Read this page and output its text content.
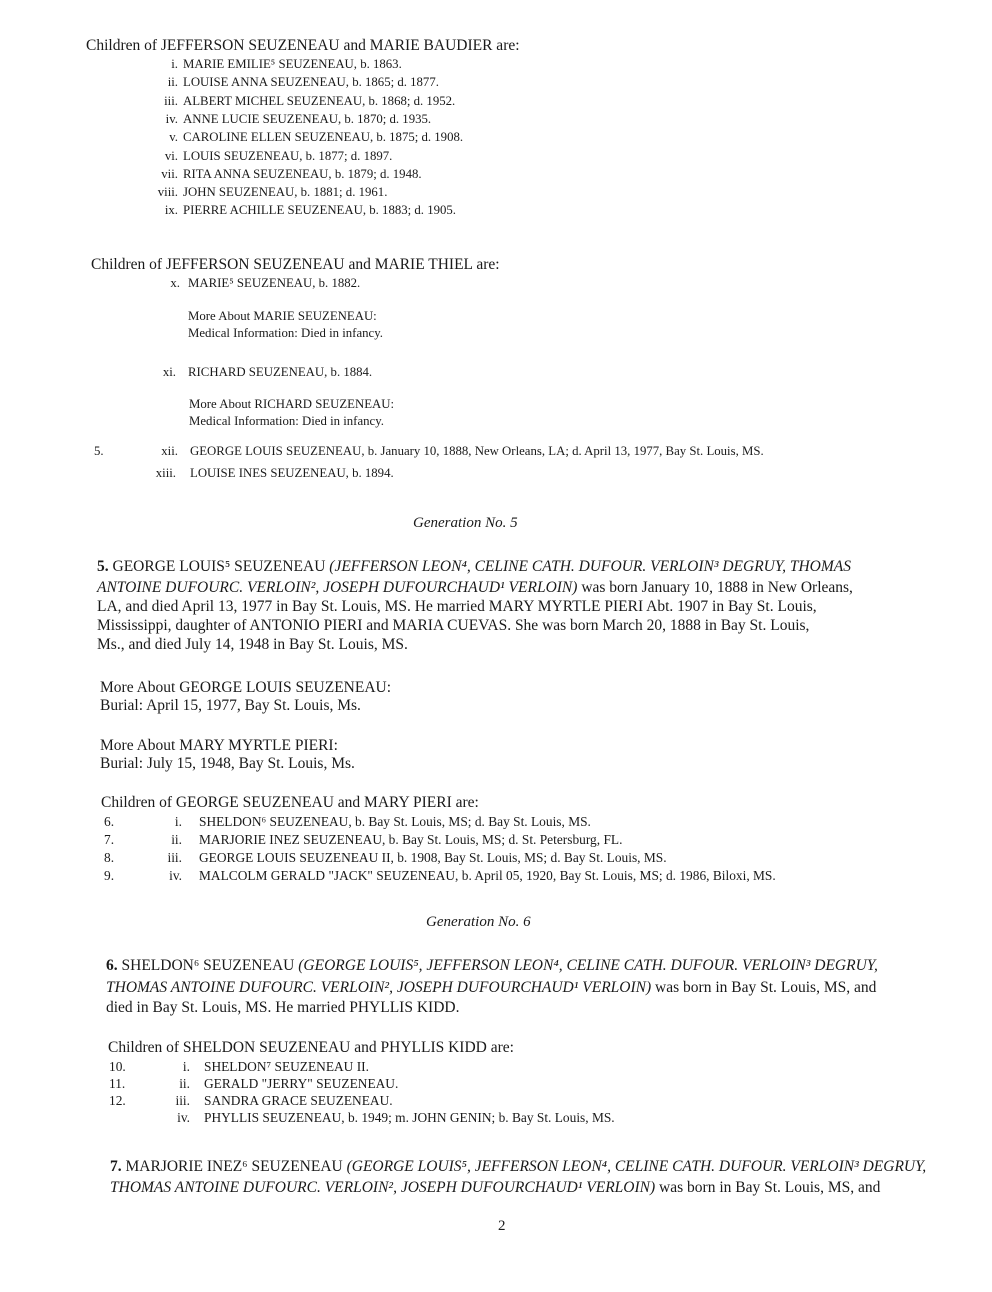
Children of JEFFERSON SEUZENEAU and MARIE BAUDIER are:
i. MARIE EMILIE⁵ SEUZENEAU, b. 1863.
ii. LOUISE ANNA SEUZENEAU, b. 1865; d. 1877.
iii. ALBERT MICHEL SEUZENEAU, b. 1868; d. 1952.
iv. ANNE LUCIE SEUZENEAU, b. 1870; d. 1935.
v. CAROLINE ELLEN SEUZENEAU, b. 1875; d. 1908.
vi. LOUIS SEUZENEAU, b. 1877; d. 1897.
vii. RITA ANNA SEUZENEAU, b. 1879; d. 1948.
viii. JOHN SEUZENEAU, b. 1881; d. 1961.
ix. PIERRE ACHILLE SEUZENEAU, b. 1883; d. 1905.
Children of JEFFERSON SEUZENEAU and MARIE THIEL are:
x. MARIE⁵ SEUZENEAU, b. 1882.
More About MARIE SEUZENEAU:
Medical Information: Died in infancy.
xi. RICHARD SEUZENEAU, b. 1884.
More About RICHARD SEUZENEAU:
Medical Information: Died in infancy.
5.	xii. GEORGE LOUIS SEUZENEAU, b. January 10, 1888, New Orleans, LA; d. April 13, 1977, Bay St. Louis, MS.
xiii. LOUISE INES SEUZENEAU, b. 1894.
Generation No. 5
5. GEORGE LOUIS⁵ SEUZENEAU (JEFFERSON LEON⁴, CELINE CATH. DUFOUR. VERLOIN³ DEGRUY, THOMAS
ANTOINE DUFOURC. VERLOIN², JOSEPH DUFOURCHAUD¹ VERLOIN) was born January 10, 1888 in New Orleans,
LA, and died April 13, 1977 in Bay St. Louis, MS. He married MARY MYRTLE PIERI Abt. 1907 in Bay St. Louis,
Mississippi, daughter of ANTONIO PIERI and MARIA CUEVAS. She was born March 20, 1888 in Bay St. Louis,
Ms., and died July 14, 1948 in Bay St. Louis, MS.
More About GEORGE LOUIS SEUZENEAU:
Burial: April 15, 1977, Bay St. Louis, Ms.
More About MARY MYRTLE PIERI:
Burial: July 15, 1948, Bay St. Louis, Ms.
Children of GEORGE SEUZENEAU and MARY PIERI are:
6.	i. SHELDON⁶ SEUZENEAU, b. Bay St. Louis, MS; d. Bay St. Louis, MS.
7.	ii. MARJORIE INEZ SEUZENEAU, b. Bay St. Louis, MS; d. St. Petersburg, FL.
8.	iii. GEORGE LOUIS SEUZENEAU II, b. 1908, Bay St. Louis, MS; d. Bay St. Louis, MS.
9.	iv. MALCOLM GERALD "JACK" SEUZENEAU, b. April 05, 1920, Bay St. Louis, MS; d. 1986, Biloxi, MS.
Generation No. 6
6. SHELDON⁶ SEUZENEAU (GEORGE LOUIS⁵, JEFFERSON LEON⁴, CELINE CATH. DUFOUR. VERLOIN³ DEGRUY,
THOMAS ANTOINE DUFOURC. VERLOIN², JOSEPH DUFOURCHAUD¹ VERLOIN) was born in Bay St. Louis, MS, and
died in Bay St. Louis, MS. He married PHYLLIS KIDD.
Children of SHELDON SEUZENEAU and PHYLLIS KIDD are:
10.	i. SHELDON⁷ SEUZENEAU II.
11.	ii. GERALD "JERRY" SEUZENEAU.
12.	iii. SANDRA GRACE SEUZENEAU.
iv. PHYLLIS SEUZENEAU, b. 1949; m. JOHN GENIN; b. Bay St. Louis, MS.
7. MARJORIE INEZ⁶ SEUZENEAU (GEORGE LOUIS⁵, JEFFERSON LEON⁴, CELINE CATH. DUFOUR. VERLOIN³ DEGRUY,
THOMAS ANTOINE DUFOURC. VERLOIN², JOSEPH DUFOURCHAUD¹ VERLOIN) was born in Bay St. Louis, MS, and
2
